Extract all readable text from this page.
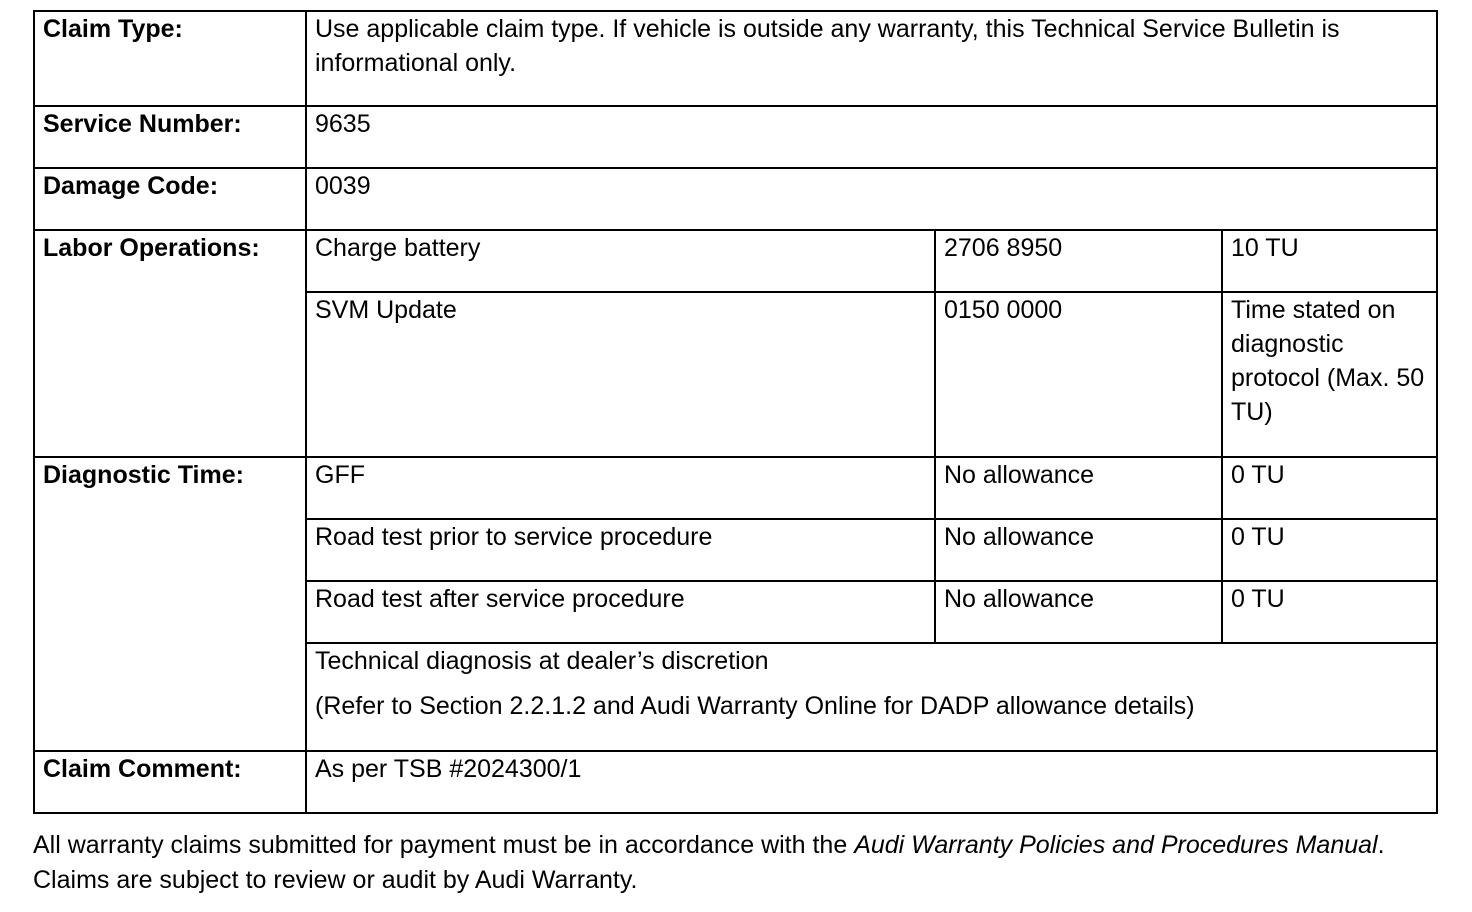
Claim Type:	Use applicable claim type. If vehicle is outside any warranty, this Technical Service Bulletin is informational only.		
Service Number:	9635		
Damage Code:	0039		
Labor Operations:	Charge battery	2706 8950	10 TU
	SVM Update	0150 0000	Time stated on diagnostic protocol (Max. 50 TU)
Diagnostic Time:	GFF	No allowance	0 TU
	Road test prior to service procedure	No allowance	0 TU
	Road test after service procedure	No allowance	0 TU
	Technical diagnosis at dealer’s discretion
(Refer to Section 2.2.1.2 and Audi Warranty Online for DADP allowance details)		

Claim Comment:	As per TSB #2024300/1		
All warranty claims submitted for payment must be in accordance with the Audi Warranty Policies and Procedures Manual. Claims are subject to review or audit by Audi Warranty.
